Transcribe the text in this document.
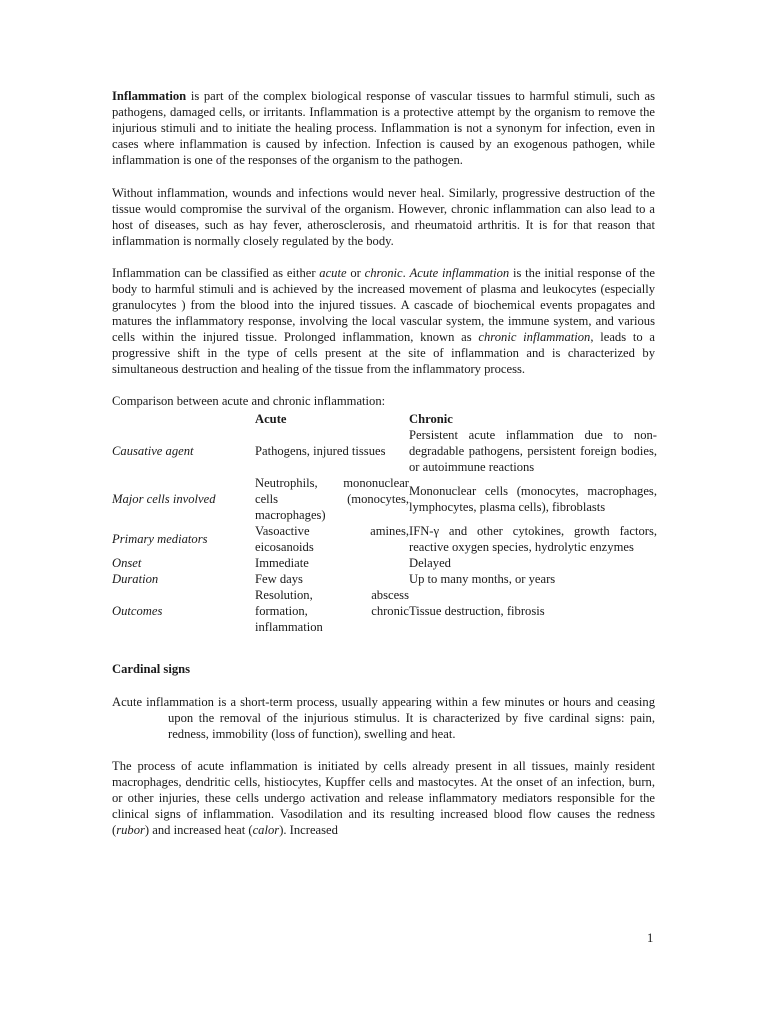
Inflammation is part of the complex biological response of vascular tissues to harmful stimuli, such as pathogens, damaged cells, or irritants. Inflammation is a protective attempt by the organism to remove the injurious stimuli and to initiate the healing process. Inflammation is not a synonym for infection, even in cases where inflammation is caused by infection. Infection is caused by an exogenous pathogen, while inflammation is one of the responses of the organism to the pathogen.

Without inflammation, wounds and infections would never heal. Similarly, progressive destruction of the tissue would compromise the survival of the organism. However, chronic inflammation can also lead to a host of diseases, such as hay fever, atherosclerosis, and rheumatoid arthritis. It is for that reason that inflammation is normally closely regulated by the body.

Inflammation can be classified as either acute or chronic. Acute inflammation is the initial response of the body to harmful stimuli and is achieved by the increased movement of plasma and leukocytes (especially granulocytes ) from the blood into the injured tissues. A cascade of biochemical events propagates and matures the inflammatory response, involving the local vascular system, the immune system, and various cells within the injured tissue. Prolonged inflammation, known as chronic inflammation, leads to a progressive shift in the type of cells present at the site of inflammation and is characterized by simultaneous destruction and healing of the tissue from the inflammatory process.

Comparison between acute and chronic inflammation:
	Acute	Chronic
Causative agent	Pathogens, injured tissues	Persistent acute inflammation due to non-degradable pathogens, persistent foreign bodies, or autoimmune reactions
Major cells involved	Neutrophils, mononuclear cells (monocytes, macrophages)	Mononuclear cells (monocytes, macrophages, lymphocytes, plasma cells), fibroblasts
Primary mediators	Vasoactive amines, eicosanoids	IFN-γ and other cytokines, growth factors, reactive oxygen species, hydrolytic enzymes
Onset	Immediate	Delayed
Duration	Few days	Up to many months, or years
Outcomes	Resolution, abscess formation, chronic inflammation	Tissue destruction, fibrosis
Cardinal signs

Acute inflammation is a short-term process, usually appearing within a few minutes or hours and ceasing upon the removal of the injurious stimulus. It is characterized by five cardinal signs: pain, redness, immobility (loss of function), swelling and heat.

The process of acute inflammation is initiated by cells already present in all tissues, mainly resident macrophages, dendritic cells, histiocytes, Kupffer cells and mastocytes. At the onset of an infection, burn, or other injuries, these cells undergo activation and release inflammatory mediators responsible for the clinical signs of inflammation. Vasodilation and its resulting increased blood flow causes the redness (rubor) and increased heat (calor). Increased

1
